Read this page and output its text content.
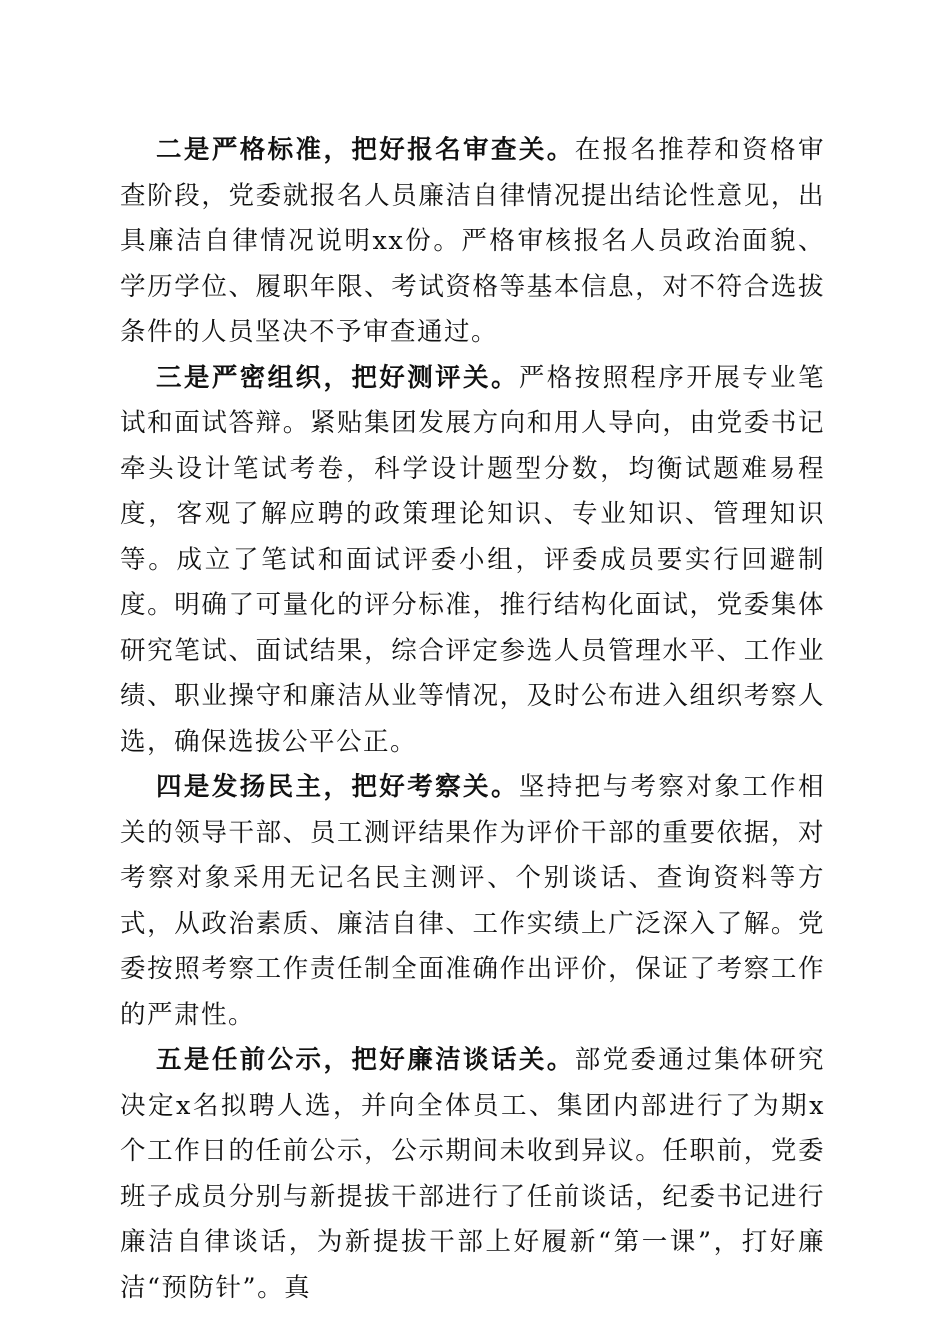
二是严格标准，把好报名审查关。在报名推荐和资格审查阶段，党委就报名人员廉洁自律情况提出结论性意见，出具廉洁自律情况说明xx份。严格审核报名人员政治面貌、学历学位、履职年限、考试资格等基本信息，对不符合选拔条件的人员坚决不予审查通过。

三是严密组织，把好测评关。严格按照程序开展专业笔试和面试答辩。紧贴集团发展方向和用人导向，由党委书记牵头设计笔试考卷，科学设计题型分数，均衡试题难易程度，客观了解应聘的政策理论知识、专业知识、管理知识等。成立了笔试和面试评委小组，评委成员要实行回避制度。明确了可量化的评分标准，推行结构化面试，党委集体研究笔试、面试结果，综合评定参选人员管理水平、工作业绩、职业操守和廉洁从业等情况，及时公布进入组织考察人选，确保选拔公平公正。

四是发扬民主，把好考察关。坚持把与考察对象工作相关的领导干部、员工测评结果作为评价干部的重要依据，对考察对象采用无记名民主测评、个别谈话、查询资料等方式，从政治素质、廉洁自律、工作实绩上广泛深入了解。党委按照考察工作责任制全面准确作出评价，保证了考察工作的严肃性。

五是任前公示，把好廉洁谈话关。部党委通过集体研究决定x名拟聘人选，并向全体员工、集团内部进行了为期x个工作日的任前公示，公示期间未收到异议。任职前，党委班子成员分别与新提拔干部进行了任前谈话，纪委书记进行廉洁自律谈话，为新提拔干部上好履新“第一课”，打好廉洁“预防针”。真
